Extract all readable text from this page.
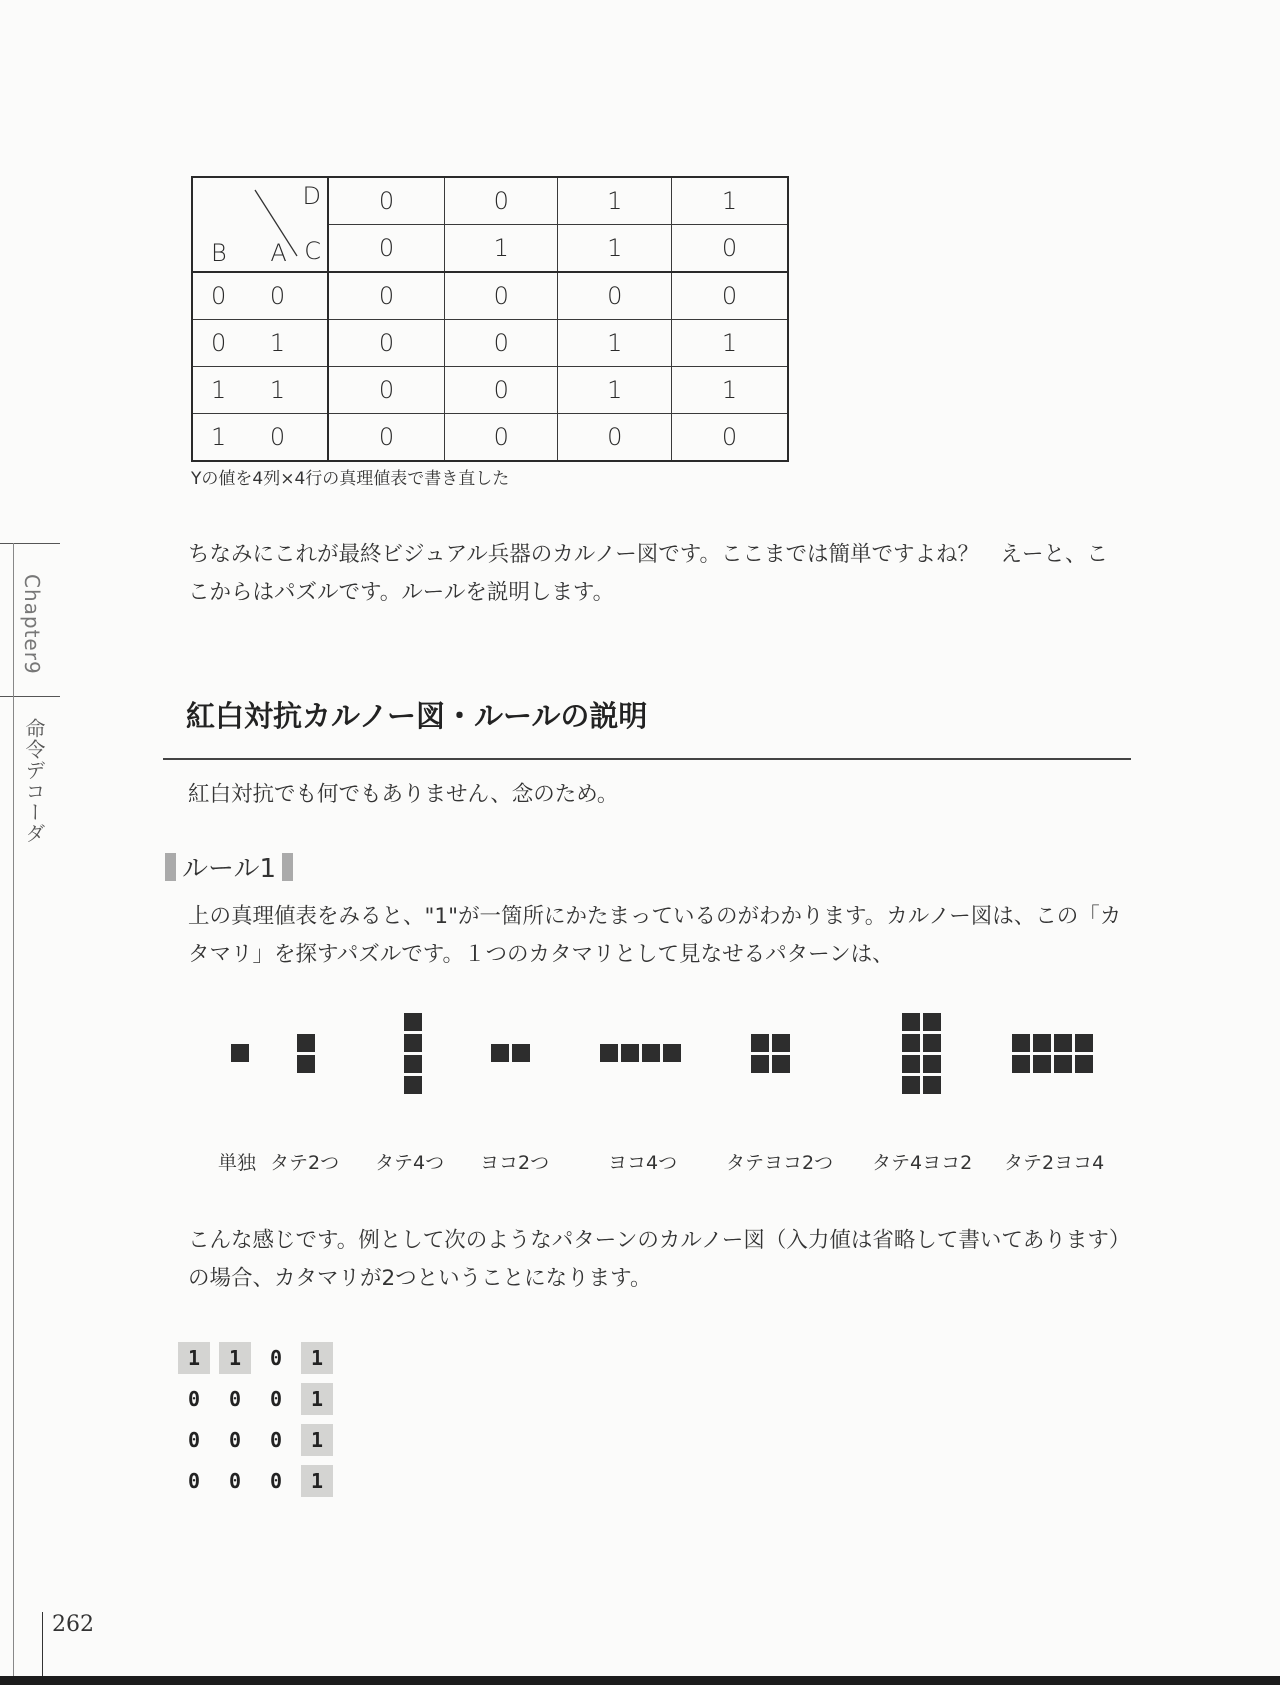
Chapter9
命令デコーダ
D
C
B A	0	0	1	1
	0	1	1	0
0 0	0	0	0	0
0 1	0	0	1	1
1 1	0	0	1	1
1 0	0	0	0	0
Yの値を4列×4行の真理値表で書き直した
ちなみにこれが最終ビジュアル兵器のカルノー図です。ここまでは簡単ですよね？　えーと、こ
こからはパズルです。ルールを説明します。
紅白対抗カルノー図・ルールの説明
紅白対抗でも何でもありません、念のため。
ルール1
上の真理値表をみると、"1"が一箇所にかたまっているのがわかります。カルノー図は、この「カ
タマリ」を探すパズルです。１つのカタマリとして見なせるパターンは、
単独 タテ2つ タテ4つ ヨコ2つ	ヨコ4つ	タテヨコ2つ タテ4ヨコ2 タテ2ヨコ4
こんな感じです。例として次のようなパターンのカルノー図（入力値は省略して書いてあります）
の場合、カタマリが2つということになります。
1	1	0	1
0	0	0	1
0	0	0	1
0	0	0	1
262
